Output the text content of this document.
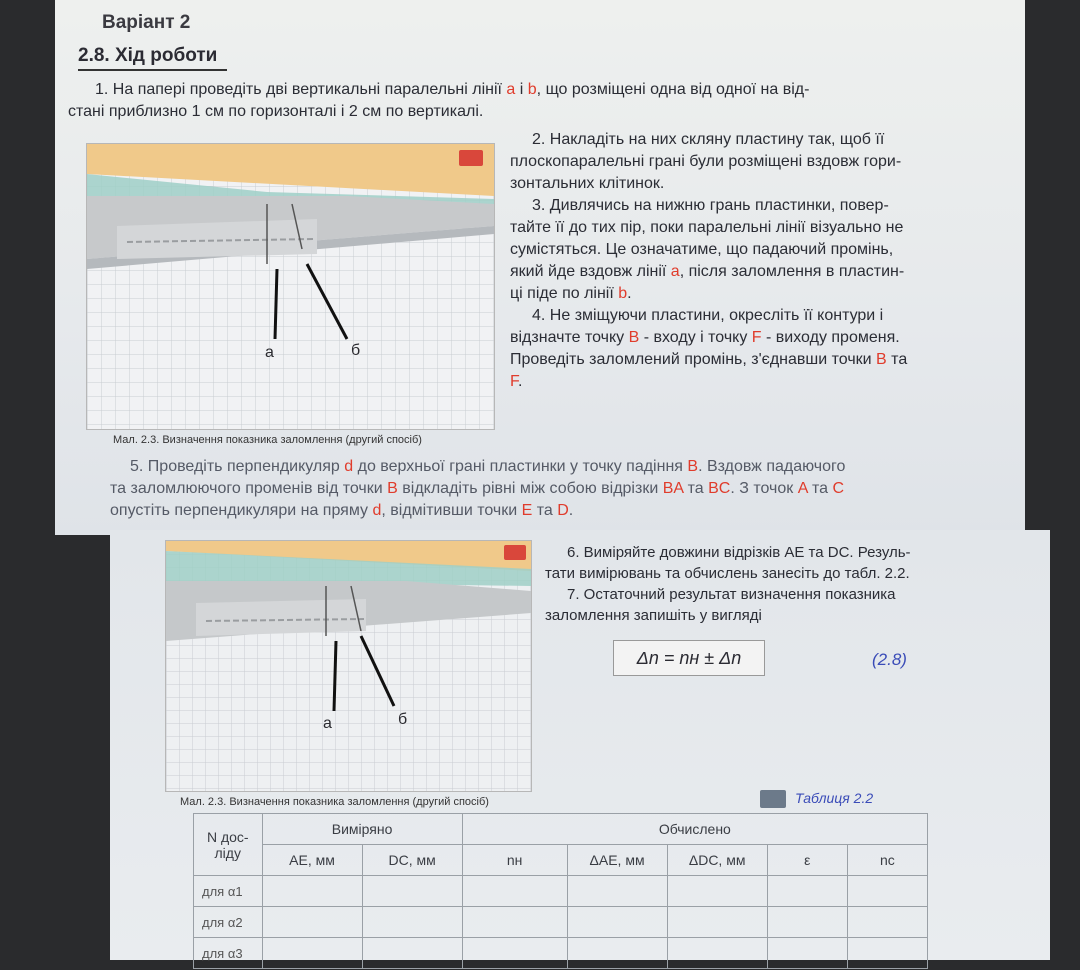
Варіант 2
2.8. Хід роботи
1. На папері проведіть дві вертикальні паралельні лінії a і b, що розміщені одна від одної на від-
стані приблизно 1 см по горизонталі і 2 см по вертикалі.
а	б
Мал. 2.3. Визначення показника заломлення (другий спосіб)
2. Накладіть на них скляну пластину так, щоб її
плоскопаралельні грані були розміщені вздовж гори-
зонтальних клітинок.
3. Дивлячись на нижню грань пластинки, повер-
тайте її до тих пір, поки паралельні лінії візуально не
сумістяться. Це означатиме, що падаючий промінь,
який йде вздовж лінії a, після заломлення в пластин-
ці піде по лінії b.
4. Не зміщуючи пластини, окресліть її контури і
відзначте точку B - входу і точку F - виходу променя.
Проведіть заломлений промінь, з'єднавши точки B та
F.
5. Проведіть перпендикуляр d до верхньої грані пластинки у точку падіння B. Вздовж падаючого
та заломлюючого променів від точки B відкладіть рівні між собою відрізки BA та BC. З точок A та C
опустіть перпендикуляри на пряму d, відмітивши точки E та D.
а	б
Мал. 2.3. Визначення показника заломлення (другий спосіб)
6. Виміряйте довжини відрізків AE та DC. Резуль-
тати вимірювань та обчислень занесіть до табл. 2.2.
7. Остаточний результат визначення показника
заломлення запишіть у вигляді
Δn = nн ± Δn	(2.8)
Таблиця 2.2
N дос- ліду	Виміряно		Обчислено				
	AE, мм	DC, мм	nн	ΔAE, мм	ΔDC, мм	ε	nс
для α1							
для α2							
для α3							
